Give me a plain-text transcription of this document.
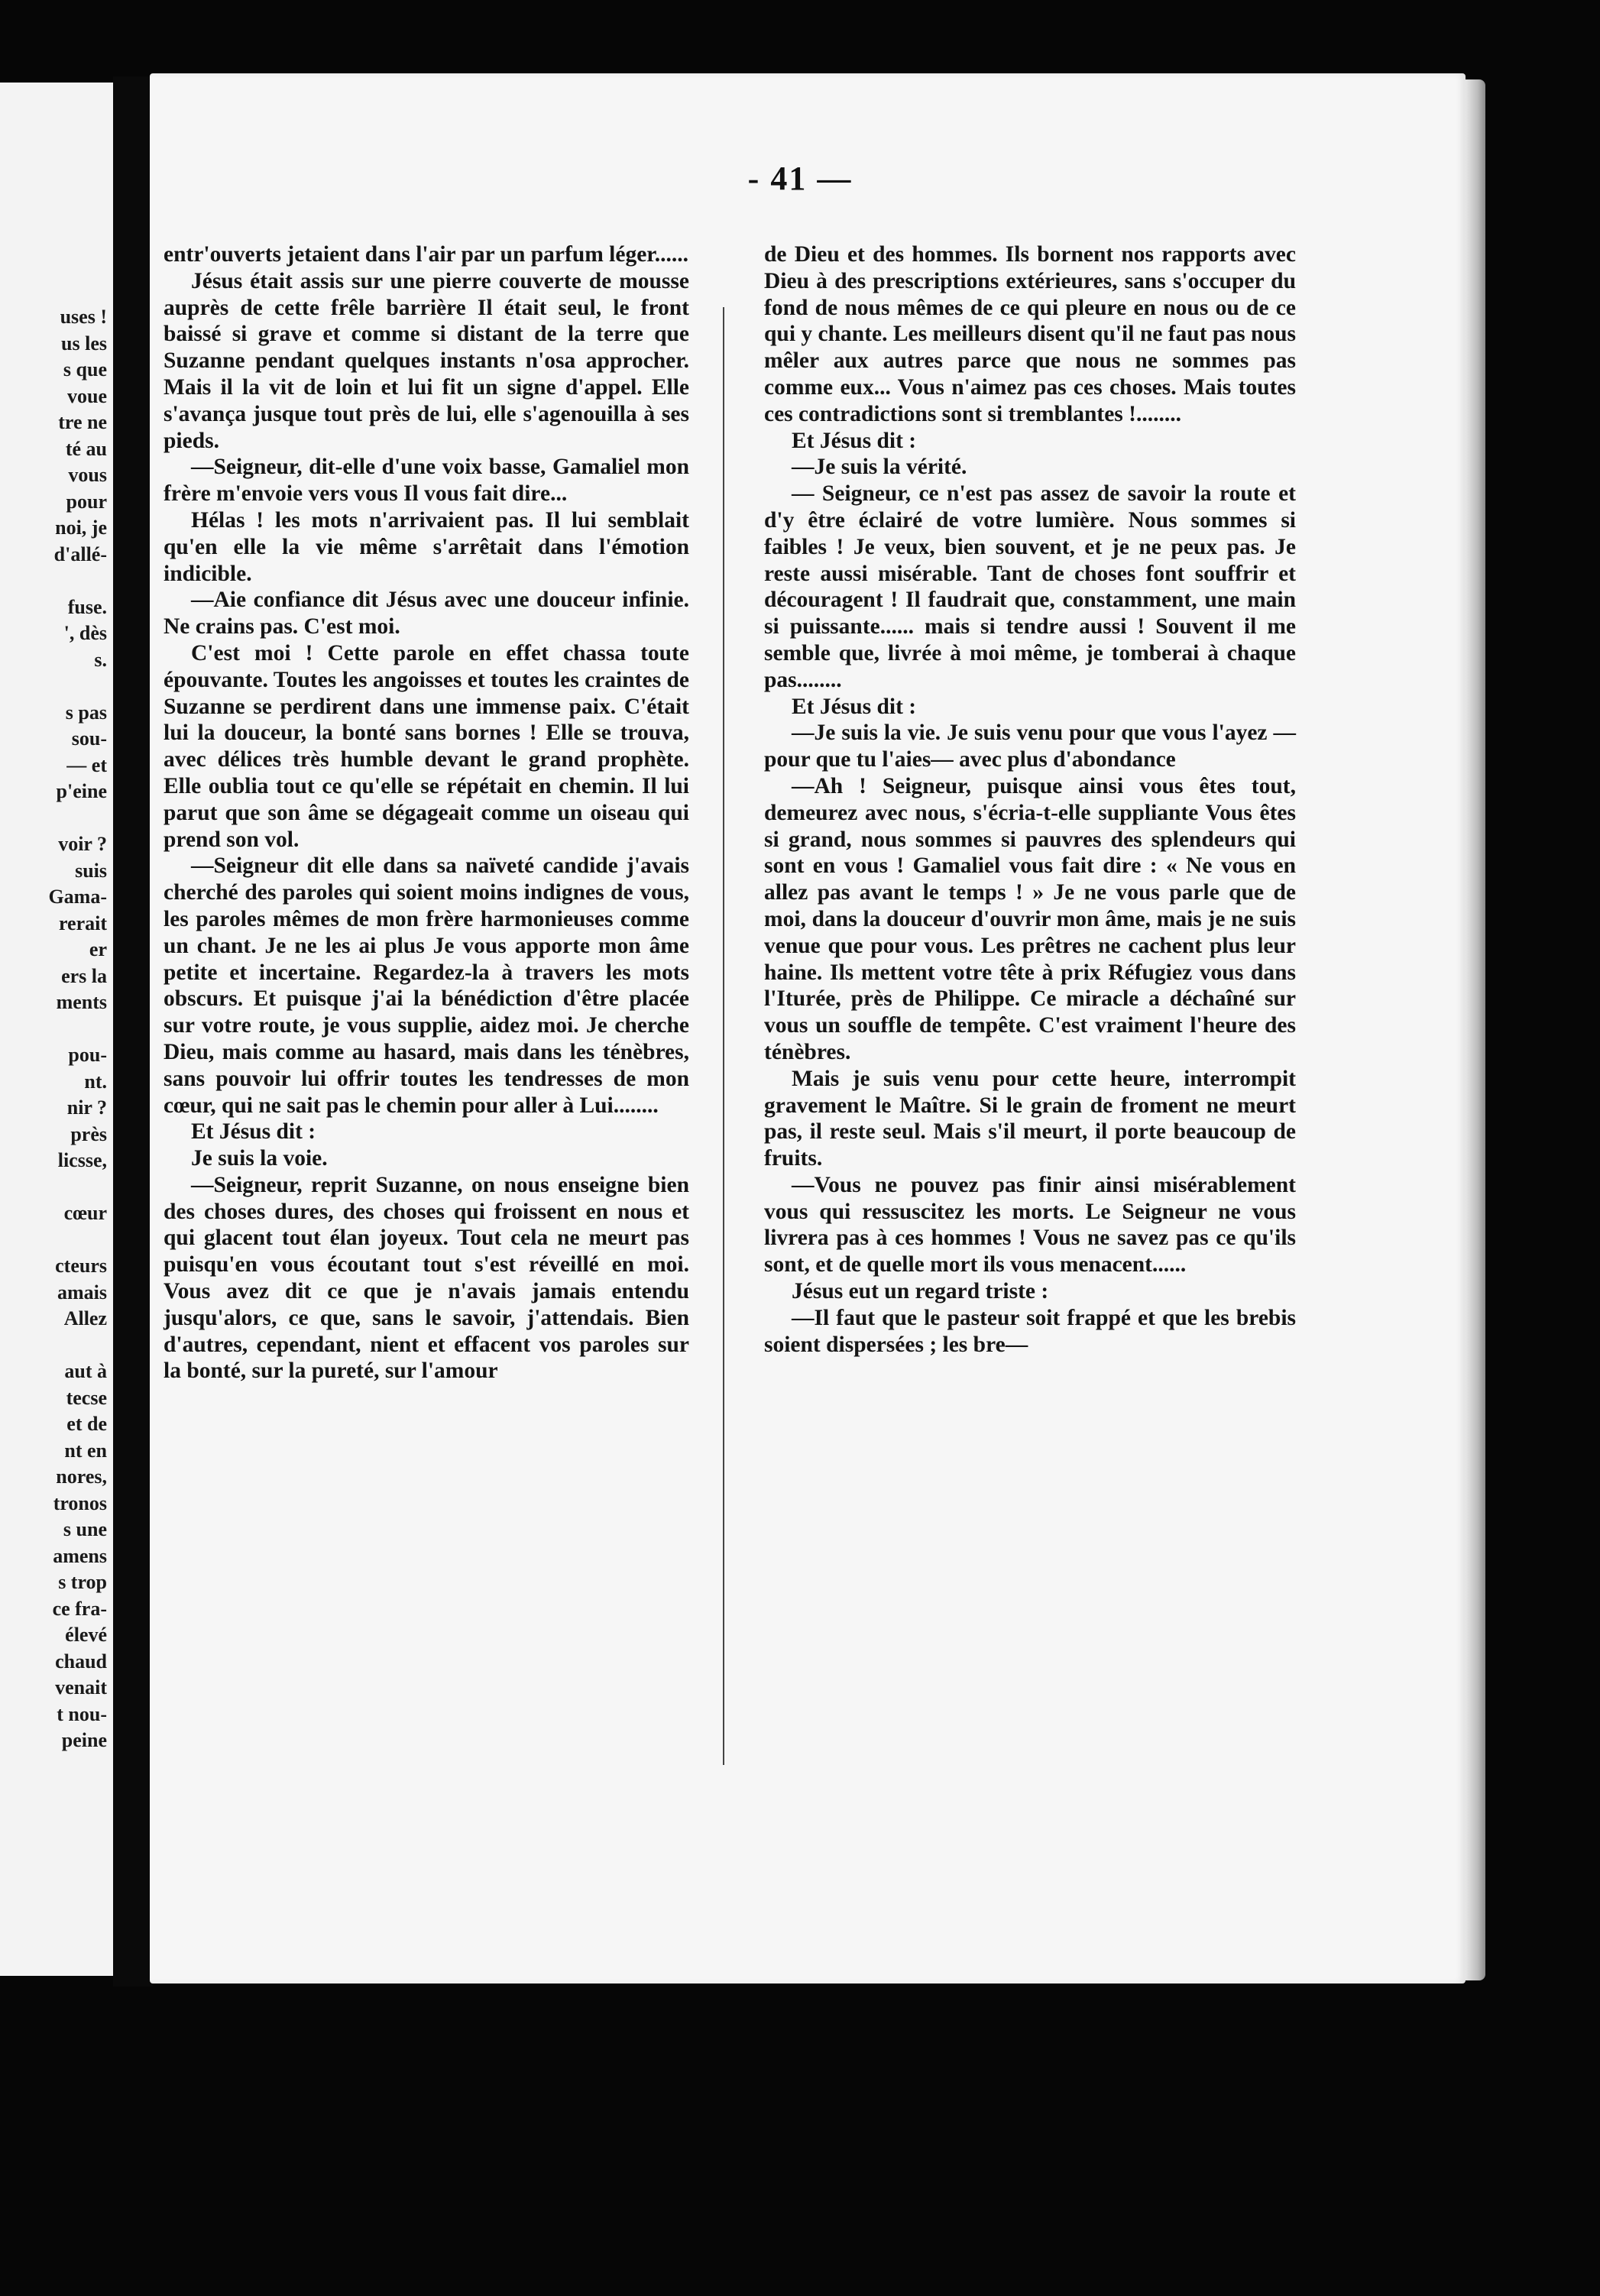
uses !
us les
s que
voue
tre ne
té au
vous
pour
noi, je
d'allé-
fuse.
', dès
s.
s pas
sou-
— et
p'eine
voir ?
suis
Gama-
rerait
er
ers la
ments
pou-
nt.
nir ?
près
licsse,
cœur
cteurs
amais
Allez
aut à
tecse
et de
nt en
nores,
tronos
s une
amens
s trop
ce fra-
élevé
chaud
venait
t nou-
peine
- 41 —

entr'ouverts jetaient dans l'air par un parfum léger......

Jésus était assis sur une pierre couverte de mousse auprès de cette frêle barrière Il était seul, le front baissé si grave et comme si distant de la terre que Suzanne pendant quelques instants n'osa approcher. Mais il la vit de loin et lui fit un signe d'appel. Elle s'avança jusque tout près de lui, elle s'agenouilla à ses pieds.

—Seigneur, dit-elle d'une voix basse, Gamaliel mon frère m'envoie vers vous Il vous fait dire...

Hélas ! les mots n'arrivaient pas. Il lui semblait qu'en elle la vie même s'arrêtait dans l'émotion indicible.

—Aie confiance dit Jésus avec une douceur infinie. Ne crains pas. C'est moi.

C'est moi ! Cette parole en effet chassa toute épouvante. Toutes les angoisses et toutes les craintes de Suzanne se perdirent dans une immense paix. C'était lui la douceur, la bonté sans bornes ! Elle se trouva, avec délices très humble devant le grand prophète. Elle oublia tout ce qu'elle se répétait en chemin. Il lui parut que son âme se dégageait comme un oiseau qui prend son vol.

—Seigneur dit elle dans sa naïveté candide j'avais cherché des paroles qui soient moins indignes de vous, les paroles mêmes de mon frère harmonieuses comme un chant. Je ne les ai plus Je vous apporte mon âme petite et incertaine. Regardez-la à travers les mots obscurs. Et puisque j'ai la bénédiction d'être placée sur votre route, je vous supplie, aidez moi. Je cherche Dieu, mais comme au hasard, mais dans les ténèbres, sans pouvoir lui offrir toutes les tendresses de mon cœur, qui ne sait pas le chemin pour aller à Lui........

Et Jésus dit :

Je suis la voie.

—Seigneur, reprit Suzanne, on nous enseigne bien des choses dures, des choses qui froissent en nous et qui glacent tout élan joyeux. Tout cela ne meurt pas puisqu'en vous écoutant tout s'est réveillé en moi. Vous avez dit ce que je n'avais jamais entendu jusqu'alors, ce que, sans le savoir, j'attendais. Bien d'autres, cependant, nient et effacent vos paroles sur la bonté, sur la pureté, sur l'amour

de Dieu et des hommes. Ils bornent nos rapports avec Dieu à des prescriptions extérieures, sans s'occuper du fond de nous mêmes de ce qui pleure en nous ou de ce qui y chante. Les meilleurs disent qu'il ne faut pas nous mêler aux autres parce que nous ne sommes pas comme eux... Vous n'aimez pas ces choses. Mais toutes ces contradictions sont si tremblantes !........

Et Jésus dit :

—Je suis la vérité.

— Seigneur, ce n'est pas assez de savoir la route et d'y être éclairé de votre lumière. Nous sommes si faibles ! Je veux, bien souvent, et je ne peux pas. Je reste aussi misérable. Tant de choses font souffrir et découragent ! Il faudrait que, constamment, une main si puissante...... mais si tendre aussi ! Souvent il me semble que, livrée à moi même, je tomberai à chaque pas........

Et Jésus dit :

—Je suis la vie. Je suis venu pour que vous l'ayez — pour que tu l'aies— avec plus d'abondance

—Ah ! Seigneur, puisque ainsi vous êtes tout, demeurez avec nous, s'écria-t-elle suppliante Vous êtes si grand, nous sommes si pauvres des splendeurs qui sont en vous ! Gamaliel vous fait dire : « Ne vous en allez pas avant le temps ! » Je ne vous parle que de moi, dans la douceur d'ouvrir mon âme, mais je ne suis venue que pour vous. Les prêtres ne cachent plus leur haine. Ils mettent votre tête à prix Réfugiez vous dans l'Iturée, près de Philippe. Ce miracle a déchaîné sur vous un souffle de tempête. C'est vraiment l'heure des ténèbres.

Mais je suis venu pour cette heure, interrompit gravement le Maître. Si le grain de froment ne meurt pas, il reste seul. Mais s'il meurt, il porte beaucoup de fruits.

—Vous ne pouvez pas finir ainsi misérablement vous qui ressuscitez les morts. Le Seigneur ne vous livrera pas à ces hommes ! Vous ne savez pas ce qu'ils sont, et de quelle mort ils vous menacent......

Jésus eut un regard triste :

—Il faut que le pasteur soit frappé et que les brebis soient dispersées ; les bre—
